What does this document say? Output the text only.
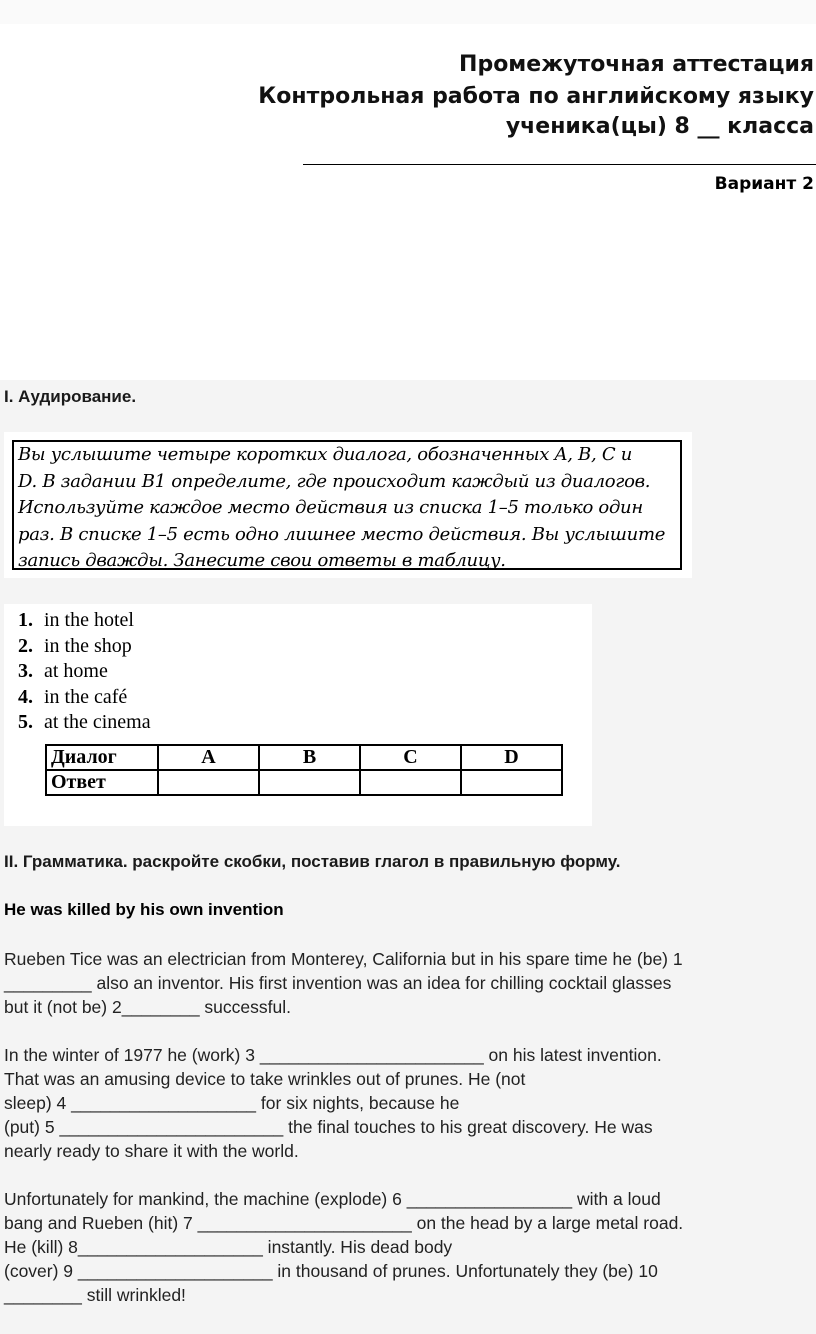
Промежуточная аттестация
Контрольная работа по английскому языку
ученика(цы) 8 __ класса
Вариант 2
I. Аудирование.
Вы услышите четыре коротких диалога, обозначенных A, B, C и
D. В задании B1 определите, где происходит каждый из диалогов.
Используйте каждое место действия из списка 1–5 только один
раз. В списке 1–5 есть одно лишнее место действия. Вы услышите
запись дважды. Занесите свои ответы в таблицу.
1. in the hotel
2. in the shop
3. at home
4. in the café
5. at the cinema
Диалог	A	B	C	D
Ответ				
II. Грамматика. раскройте скобки, поставив глагол в правильную форму.
He was killed by his own invention
Rueben Tice was an electrician from Monterey, California but in his spare time he (be) 1
_________ also an inventor. His first invention was an idea for chilling cocktail glasses
but it (not be) 2________ successful.
In the winter of 1977 he (work) 3 _______________________ on his latest invention.
That was an amusing device to take wrinkles out of prunes. He (not
sleep) 4 ___________________ for six nights, because he
(put) 5 _______________________ the final touches to his great discovery. He was
nearly ready to share it with the world.
Unfortunately for mankind, the machine (explode) 6 _________________ with a loud
bang and Rueben (hit) 7 ______________________ on the head by a large metal road.
He (kill) 8___________________ instantly. His dead body
(cover) 9 ____________________ in thousand of prunes. Unfortunately they (be) 10
________ still wrinkled!
